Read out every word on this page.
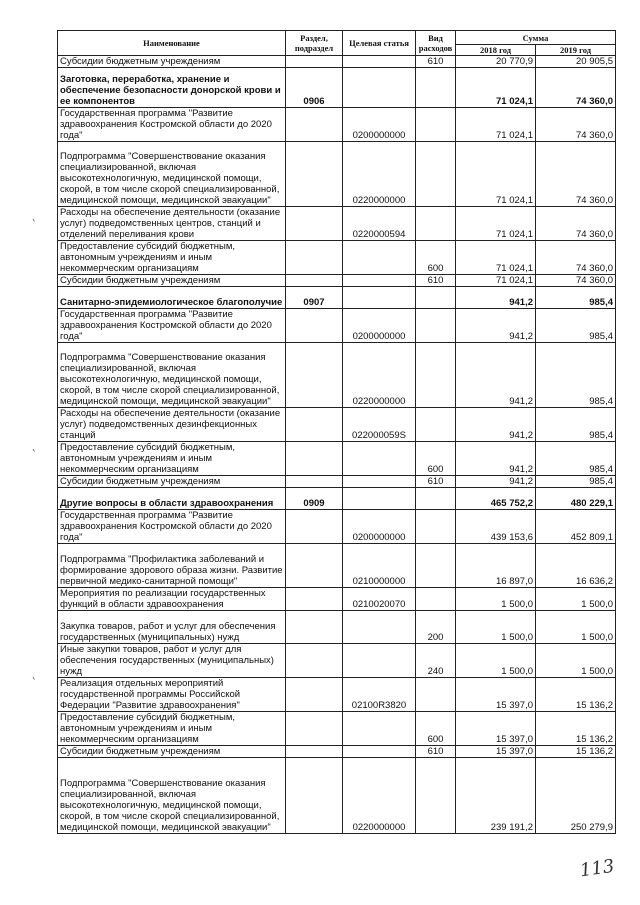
Наименование	Раздел, подраздел	Целевая статья	Вид расходов	Сумма	
				2018 год	2019 год
Субсидии бюджетным учреждениям			610	20 770,9	20 905,5
Заготовка, переработка, хранение и обеспечение безопасности донорской крови и ее компонентов	0906			71 024,1	74 360,0
Государственная программа "Развитие здравоохранения Костромской области до 2020 года"		0200000000		71 024,1	74 360,0
Подпрограмма "Совершенствование оказания специализированной, включая высокотехнологичную, медицинской помощи, скорой, в том числе скорой специализированной, медицинской помощи, медицинской эвакуации"		0220000000		71 024,1	74 360,0
Расходы на обеспечение деятельности (оказание услуг) подведомственных центров, станций и отделений переливания крови		0220000594		71 024,1	74 360,0
Предоставление субсидий бюджетным, автономным учреждениям и иным некоммерческим организациям			600	71 024,1	74 360,0
Субсидии бюджетным учреждениям			610	71 024,1	74 360,0
Санитарно-эпидемиологическое благополучие	0907			941,2	985,4
Государственная программа "Развитие здравоохранения Костромской области до 2020 года"		0200000000		941,2	985,4
Подпрограмма "Совершенствование оказания специализированной, включая высокотехнологичную, медицинской помощи, скорой, в том числе скорой специализированной, медицинской помощи, медицинской эвакуации"		0220000000		941,2	985,4
Расходы на обеспечение деятельности (оказание услуг) подведомственных дезинфекционных станций		022000059S		941,2	985,4
Предоставление субсидий бюджетным, автономным учреждениям и иным некоммерческим организациям			600	941,2	985,4
Субсидии бюджетным учреждениям			610	941,2	985,4
Другие вопросы в области здравоохранения	0909			465 752,2	480 229,1
Государственная программа "Развитие здравоохранения Костромской области до 2020 года"		0200000000		439 153,6	452 809,1
Подпрограмма "Профилактика заболеваний и формирование здорового образа жизни. Развитие первичной медико-санитарной помощи"		0210000000		16 897,0	16 636,2
Мероприятия по реализации государственных функций в области здравоохранения		0210020070		1 500,0	1 500,0
Закупка товаров, работ и услуг для обеспечения государственных (муниципальных) нужд			200	1 500,0	1 500,0
Иные закупки товаров, работ и услуг для обеспечения государственных (муниципальных) нужд			240	1 500,0	1 500,0
Реализация отдельных мероприятий государственной программы Российской Федерации "Развитие здравоохранения"		02100R3820		15 397,0	15 136,2
Предоставление субсидий бюджетным, автономным учреждениям и иным некоммерческим организациям			600	15 397,0	15 136,2
Субсидии бюджетным учреждениям			610	15 397,0	15 136,2
Подпрограмма "Совершенствование оказания специализированной, включая высокотехнологичную, медицинской помощи, скорой, в том числе скорой специализированной, медицинской помощи, медицинской эвакуации"		0220000000		239 191,2	250 279,9
113
